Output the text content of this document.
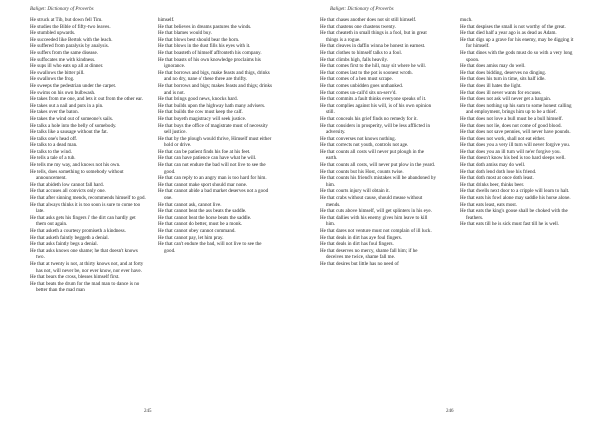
Baliget: Dictionary of Proverbs
He struck at Tib, but down fell Tim.
He studies the Bible of fifty-two leaves.
He stumbled upwards.
He succeeded like Bertok with the leach.
He suffered from paralysis by analysis.
He suffers from the same disease.
He suffocates me with kindness.
He sups ill who eats up all at dinner.
He swallows the bitter pill.
He swallows the frog.
He sweeps the pedestrian under the carpet.
He swims on his own bulbwash.
He takes from me one, and lets it out from the other ear.
He takes out a nail and puts in a pin.
He takes over the baton.
He takes the wind out of someone's sails.
He talks a hole into the belly of somebody.
He talks like a sausage without the fat.
He talks one's head off.
He talks to a dead man.
He talks to the wind.
He tells a tale of a tub.
He tells me my way, and knows not his own.
He tells, does something to somebody without announcement.
He that abideth low cannot fall hard.
He that accuses all convicts only one.
He that after sinning mends, recommends himself to god.
He that always thinks it is too soon is sure to come too late.
He that asks gets his fingers i' the dirt can hardly get them out again.
He that asketh a courtesy promiseth a kindness.
He that asketh faintly beggeth a denial.
He that asks faintly begs a denial.
He that asks knows one shame; he that doesn't knows two.
He that at twenty is not, at thirty knows not, and at forty has not, will never be, nor ever know, nor ever have.
He that bears the cross, blesses himself first.
He that beats the drum for the mad man to dance is no better than the mad man
himself.
He that believes in dreams pastures the winds.
He that blames would buy.
He that blows best should bear the horn.
He that blows in the dust fills his eyes with it.
He that boasteth of himself affronteth his company.
He that boasts of his own knowledge proclaims his ignorance.
He that borrows and bigs, make feasts and thigs, drinks and no dry, nane o' these three are thrifty.
He that borrows and bigs; makes feasts and thigs; drinks and is not.
He that brings good news, knocks hard.
He that builds upon the highway hath many advisers.
He that builds the cow must keep the calf.
He that buyeth magistracy will seek justice.
He that buys the office of magistrate must of necessity sell justice.
He that by the plough would thrive, Himself must either hold or drive.
He that can be patient finds his foe at his feet.
He that can have patience can have what he will.
He that can not endure the bad will not live to see the good.
He that can reply to an angry man is too hard for him.
He that cannot make sport should mar none.
He that cannot abide a bad market deserves not a good one.
He that cannot ask, cannot live.
He that cannot beat the ass beats the saddle.
He that cannot beat the horse beats the saddle.
He that cannot do better, must be a monk.
He that cannot obey cannot command.
He that cannot pay, let him pray.
He that can't endure the bad, will not live to see the good.
245
Baliget: Dictionary of Proverbs
He that chases another does not sit still himself.
He that chastens one chastens twenty.
He that cheateth in small things is a fool, but in great things is a rogue.
He that cleaves in daffin winna be honest in earnest.
He that clothes to himself talks to a fool.
He that climbs high, falls heavily.
He that comes first to the hill, may sit where he will.
He that comes last to the pot is soonest wroth.
He that comes of a hen must scrape.
He that comes unbidden goes unthanked.
He that comes un-call'd sits un-serv'd.
He that commits a fault thinks everyone speaks of it.
He that complies against his will, is of his own opinion still.
He that conceals his grief finds no remedy for it.
He that considers in prosperity, will be less afflicted in adversity.
He that converses not knows nothing.
He that corrects not youth, controls not age.
He that counts all costs will never put plough in the earth.
He that counts all costs, will never put plow in the yeard.
He that counts but his Host, counts twise.
He that counts his friend's mistakes will be abandoned by him.
He that courts injury will obtain it.
He that crabs without cause, should mease without mends.
He that cuts above himself, will get splinters in his eye.
He that dallies with his enemy gives him leave to kill him.
He that dares not venture must not complain of ill luck.
He that deals in dirt has aye foul fingers.
He that deals in dirt has foul fingers.
He that deserves no mercy, shame fall him; if he deceives me twice, shame fall me.
He that desires but little has no need of
much.
He that despises the small is not worthy of the great.
He that died half a year ago is as dead as Adam.
He that digs up a grave for his enemy, may be digging it for himself.
He that dines with the gods must do so with a very long spoon.
He that does amiss may do well.
He that does bidding, deserves no dinging.
He that does his turn in time, sits half idle.
He that does ill hates the light.
He that does ill never wants for excuses.
He that does not ask will never get a bargain.
He that does nothing up his sum to some honest calling and employment, brings him up to be a thief.
He that does not love a bull must be a bull himself.
He that does not lie, does not come of good blood.
He that does not save pennies, will never have pounds.
He that does not work, shall not eat either.
He that does you a very ill turn will never forgive you.
He that does you an ill turn will ne'er forgive you.
He that doesn't know his bed is too hard sleeps well.
He that doth amiss may do well.
He that doth lend doth lose his friend.
He that doth most at once doth least.
He that drinks beer, thinks beer.
He that dwells next door to a cripple will learn to halt.
He that eats his fowl alone may saddle his horse alone.
He that eats least, eats most.
He that eats the king's goose shall be choked with the feathers.
He that eats till he is sick must fast till he is well.
246
